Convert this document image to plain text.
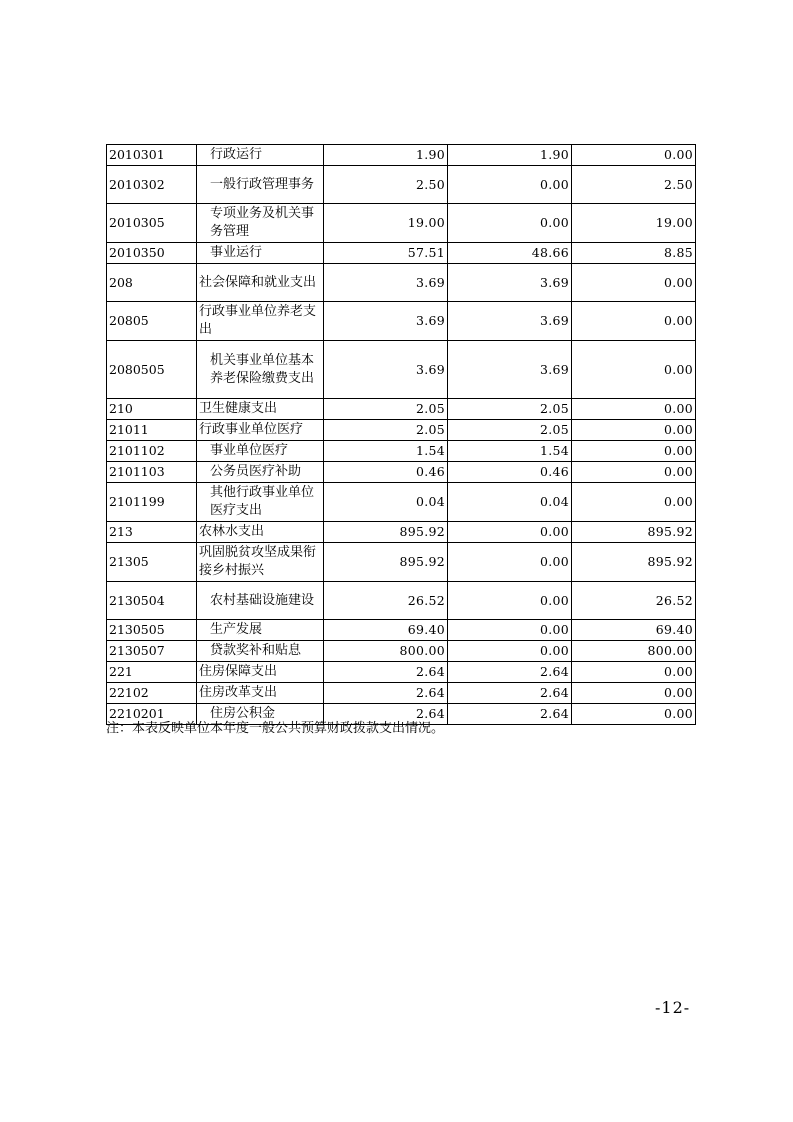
2010301	行政运行	1.90	1.90	0.00
2010302	一般行政管理事务	2.50	0.00	2.50
2010305	专项业务及机关事务管理	19.00	0.00	19.00
2010350	事业运行	57.51	48.66	8.85
208	社会保障和就业支出	3.69	3.69	0.00
20805	行政事业单位养老支出	3.69	3.69	0.00
2080505	机关事业单位基本养老保险缴费支出	3.69	3.69	0.00
210	卫生健康支出	2.05	2.05	0.00
21011	行政事业单位医疗	2.05	2.05	0.00
2101102	事业单位医疗	1.54	1.54	0.00
2101103	公务员医疗补助	0.46	0.46	0.00
2101199	其他行政事业单位医疗支出	0.04	0.04	0.00
213	农林水支出	895.92	0.00	895.92
21305	巩固脱贫攻坚成果衔接乡村振兴	895.92	0.00	895.92
2130504	农村基础设施建设	26.52	0.00	26.52
2130505	生产发展	69.40	0.00	69.40
2130507	贷款奖补和贴息	800.00	0.00	800.00
221	住房保障支出	2.64	2.64	0.00
22102	住房改革支出	2.64	2.64	0.00
2210201	住房公积金	2.64	2.64	0.00
注：本表反映单位本年度一般公共预算财政拨款支出情况。
-12-
